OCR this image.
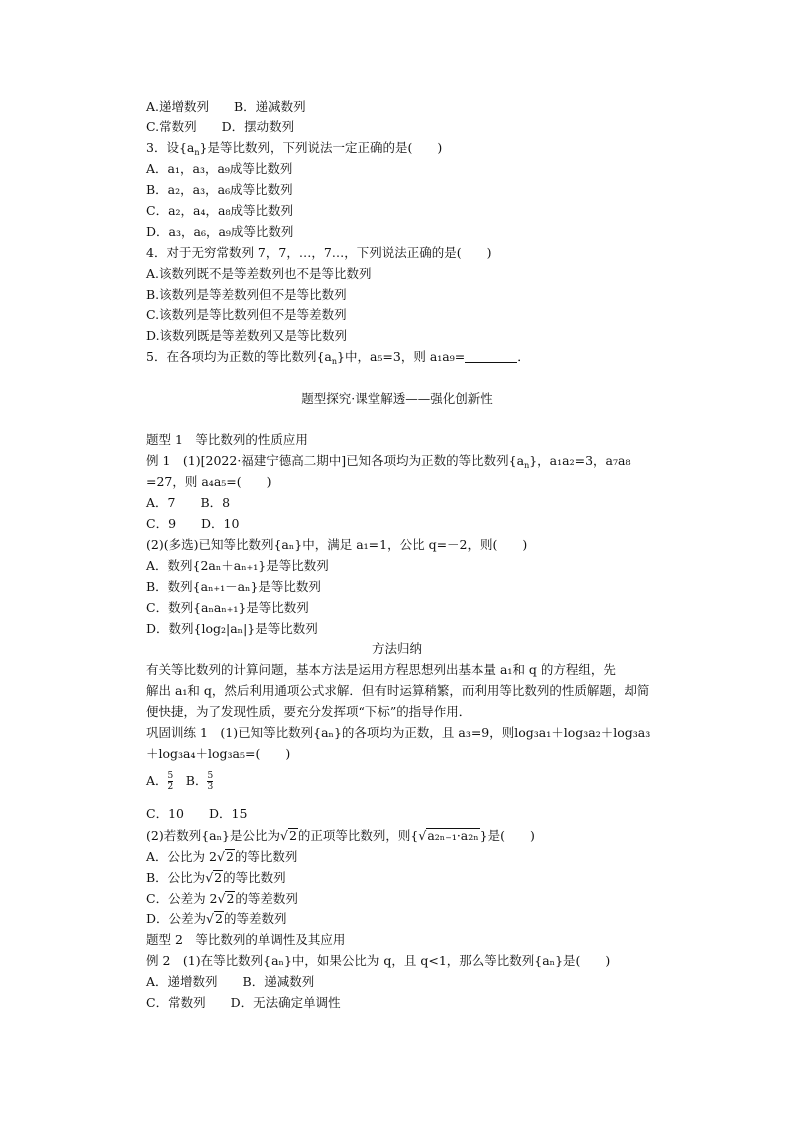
A.递增数列　　B．递减数列
C.常数列　　D．摆动数列
3．设$\{a_n\}$是等比数列，下列说法一定正确的是(　　)
A．a₁，a₃，a₉成等比数列
B．a₂，a₃，a₆成等比数列
C．a₂，a₄，a₈成等比数列
D．a₃，a₆，a₉成等比数列
4．对于无穷常数列 7，7，…，7…，下列说法正确的是(　　)
A.该数列既不是等差数列也不是等比数列
B.该数列是等差数列但不是等比数列
C.该数列是等比数列但不是等差数列
D.该数列既是等差数列又是等比数列
5．在各项均为正数的等比数列$\{a_n\}$中，a₅=3，则 a₁a₉=	．
题型探究·课堂解透——强化创新性
题型 1　等比数列的性质应用
例 1　(1)[2022·福建宁德高二期中]已知各项均为正数的等比数列$\{a_n\}$，a₁a₂=3，a₇a₈
=27，则 a₄a₅=(　　)
A．7　　B．8
C．9　　D．10
(2)(多选)已知等比数列{aₙ}中，满足 a₁=1，公比 q=－2，则(　　)
A．数列{2aₙ＋aₙ₊₁}是等比数列
B．数列{aₙ₊₁－aₙ}是等比数列
C．数列{aₙaₙ₊₁}是等比数列
D．数列{log₂|aₙ|}是等比数列
方法归纳
有关等比数列的计算问题，基本方法是运用方程思想列出基本量 a₁和 q 的方程组，先
解出 a₁和 q，然后利用通项公式求解．但有时运算稍繁，而利用等比数列的性质解题，却简
便快捷，为了发现性质，要充分发挥项“下标”的指导作用．
巩固训练 1　(1)已知等比数列{aₙ}的各项均为正数，且 a₃=9，则log₃a₁＋log₃a₂＋log₃a₃
＋log₃a₄＋log₃a₅=(　　)
A． $\frac{5}{2}$ 　B． $\frac{5}{3}$
C．10　　D．15
(2)若数列{aₙ}是公比为√2的正项等比数列，则{√a₂ₙ₋₁·a₂ₙ}是(　　)
A．公比为 2√2的等比数列
B．公比为√2的等比数列
C．公差为 2√2的等差数列
D．公差为√2的等差数列
题型 2　等比数列的单调性及其应用
例 2　(1)在等比数列{aₙ}中，如果公比为 q，且 q<1，那么等比数列{aₙ}是(　　)
A．递增数列　　B．递减数列
C．常数列　　D．无法确定单调性
